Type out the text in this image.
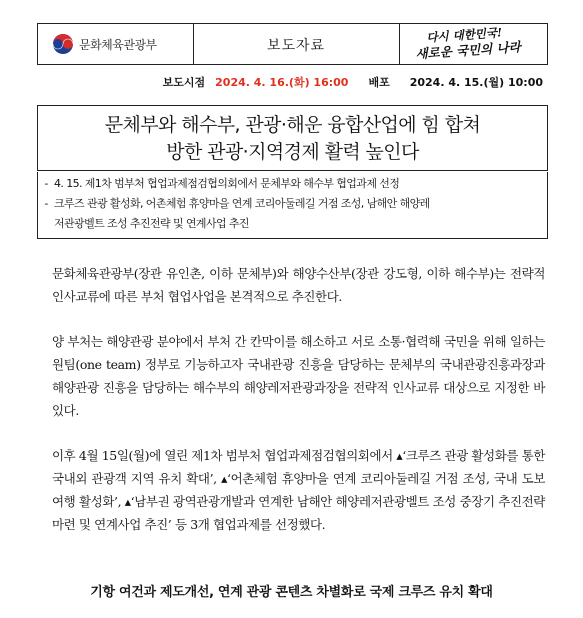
문화체육관광부	보도자료
다시 대한민국!
새로운 국민의 나라
보도시점 2024. 4. 16.(화) 16:00 배포 2024. 4. 15.(월) 10:00
문체부와 해수부, 관광·해운 융합산업에 힘 합쳐
방한 관광·지역경제 활력 높인다
- 4. 15. 제1차 범부처 협업과제점검협의회에서 문체부와 해수부 협업과제 선정
- 크루즈 관광 활성화, 어촌체험 휴양마을 연계 코리아둘레길 거점 조성, 남해안 해양레
저관광벨트 조성 추진전략 및 연계사업 추진
문화체육관광부(장관 유인촌, 이하 문체부)와 해양수산부(장관 강도형, 이하 해수부)는 전략적 인사교류에 따른 부처 협업사업을 본격적으로 추진한다.
양 부처는 해양관광 분야에서 부처 간 칸막이를 해소하고 서로 소통·협력해 국민을 위해 일하는 원팀(one team) 정부로 기능하고자 국내관광 진흥을 담당하는 문체부의 국내관광진흥과장과 해양관광 진흥을 담당하는 해수부의 해양레저관광과장을 전략적 인사교류 대상으로 지정한 바 있다.
이후 4월 15일(월)에 열린 제1차 범부처 협업과제점검협의회에서 ▴‘크루즈 관광 활성화를 통한 국내외 관광객 지역 유치 확대’, ▴‘어촌체험 휴양마을 연계 코리아둘레길 거점 조성, 국내 도보여행 활성화’, ▴‘남부권 광역관광개발과 연계한 남해안 해양레저관광벨트 조성 중장기 추진전략 마련 및 연계사업 추진’ 등 3개 협업과제를 선정했다.
기항 여건과 제도개선, 연계 관광 콘텐츠 차별화로 국제 크루즈 유치 확대
